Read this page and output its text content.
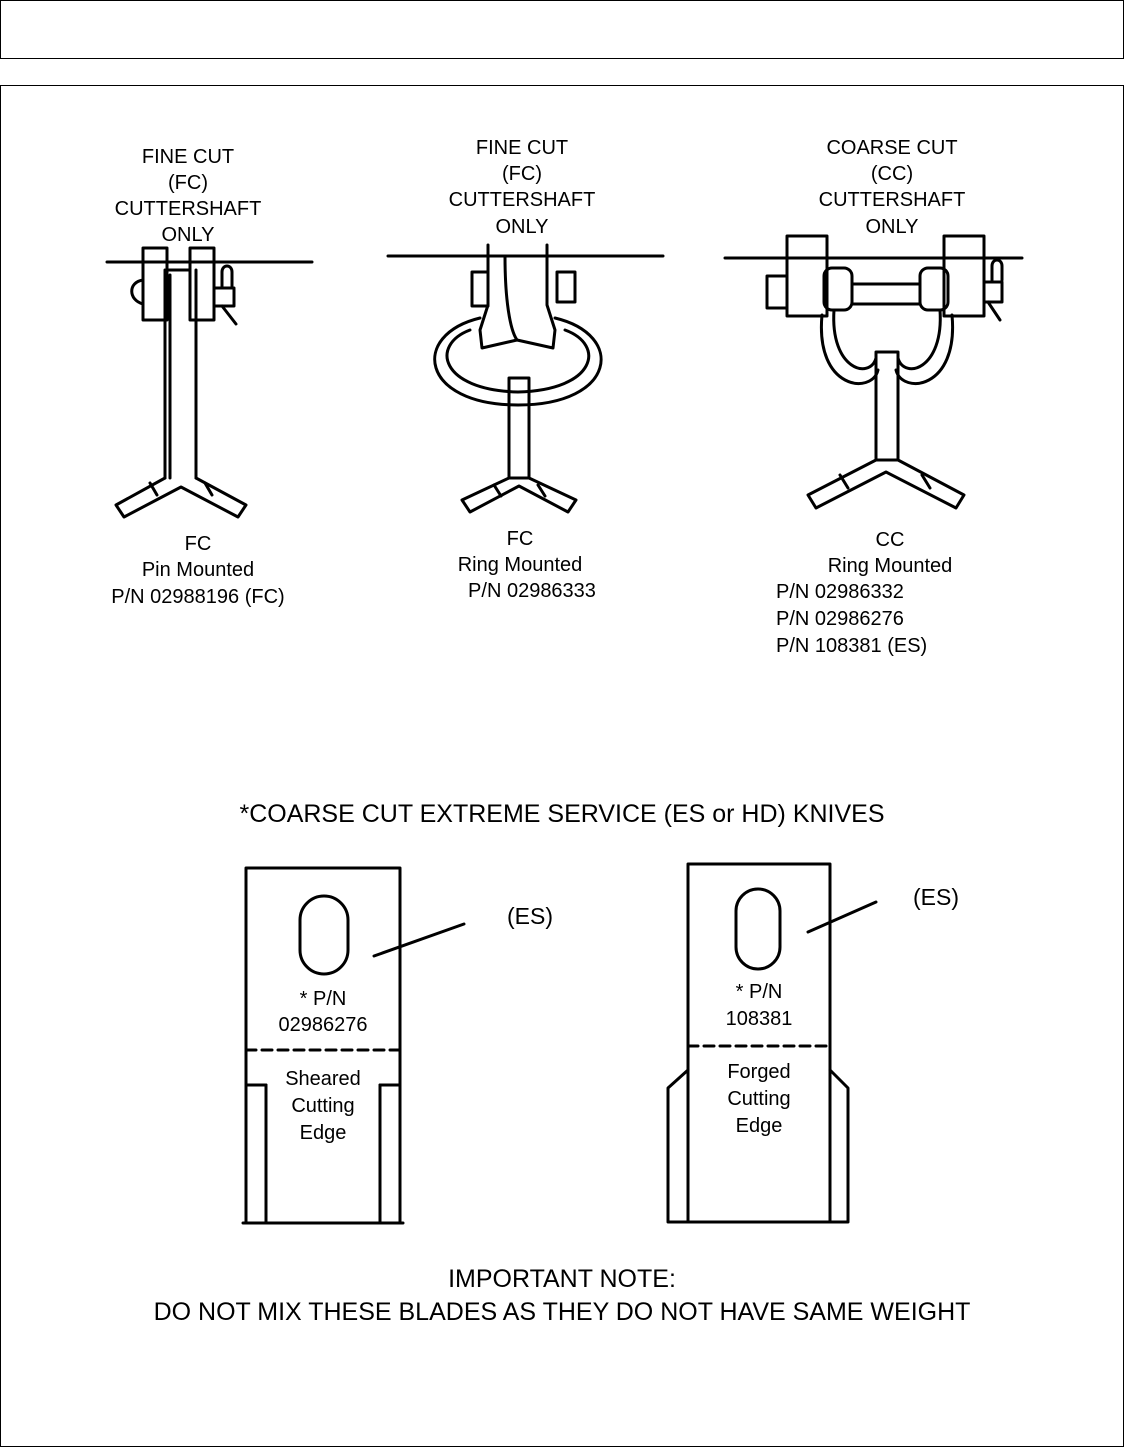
FINE CUT
(FC)
CUTTERSHAFT
ONLY
FINE CUT
(FC)
CUTTERSHAFT
ONLY
COARSE CUT
(CC)
CUTTERSHAFT
ONLY
FC
Pin Mounted
P/N 02988196 (FC)
FC
Ring Mounted
P/N 02986333
CC
Ring Mounted
P/N 02986332
P/N 02986276
P/N 108381 (ES)
*COARSE CUT EXTREME SERVICE (ES or HD) KNIVES
(ES)
* P/N
02986276
Sheared
Cutting
Edge
(ES)
* P/N
108381
Forged
Cutting
Edge
IMPORTANT NOTE:
DO NOT MIX THESE BLADES AS THEY DO NOT HAVE SAME WEIGHT
